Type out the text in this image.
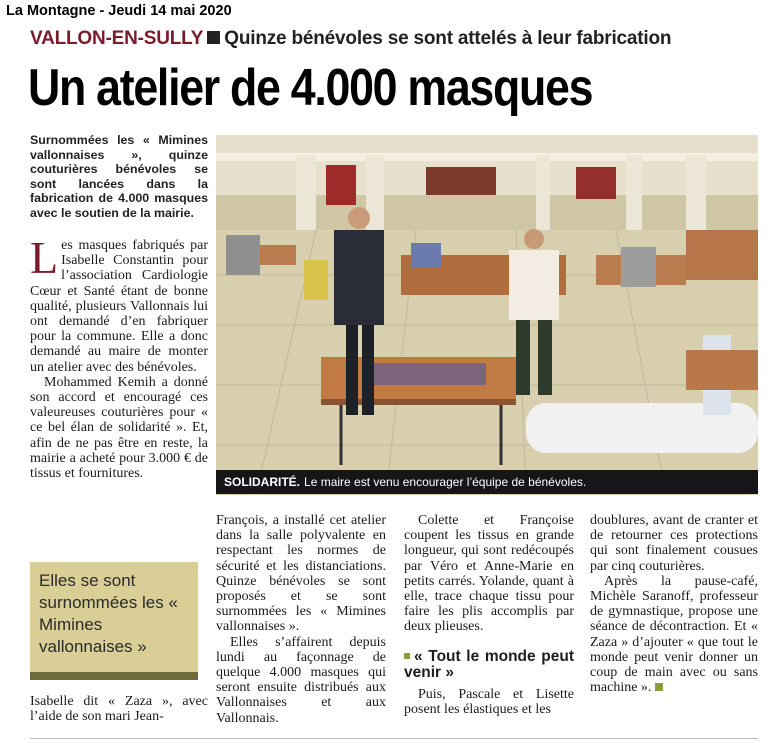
La Montagne - Jeudi 14 mai 2020
VALLON-EN-SULLY Quinze bénévoles se sont attelés à leur fabrication
Un atelier de 4.000 masques
Surnommées les « Mimines vallonnaises », quinze couturières bénévoles se sont lancées dans la fabrication de 4.000 masques avec le soutien de la mairie.

Les masques fabriqués par Isabelle Constantin pour l’association Cardiologie Cœur et Santé étant de bonne qualité, plusieurs Vallonnais lui ont demandé d’en fabriquer pour la commune. Elle a donc demandé au maire de monter un atelier avec des bénévoles.

Mohammed Kemih a donné son accord et encouragé ces valeureuses couturières pour « ce bel élan de solidarité ». Et, afin de ne pas être en reste, la mairie a acheté pour 3.000 € de tissus et fournitures.

SOLIDARITÉ. Le maire est venu encourager l’équipe de bénévoles.
Elles se sont surnommées les « Mimines vallonnaises »
Isabelle dit « Zaza », avec l’aide de son mari Jean-

François, a installé cet atelier dans la salle polyvalente en respectant les normes de sécurité et les distanciations. Quinze bénévoles se sont proposés et se sont surnommées les « Mimines vallonnaises ».

Elles s’affairent depuis lundi au façonnage de quelque 4.000 masques qui seront ensuite distribués aux Vallonnaises et aux Vallonnais.

Colette et Françoise coupent les tissus en grande longueur, qui sont redécoupés par Véro et Anne-Marie en petits carrés. Yolande, quant à elle, trace chaque tissu pour faire les plis accomplis par deux plieuses.

« Tout le monde peut venir »

Puis, Pascale et Lisette posent les élastiques et les

doublures, avant de cranter et de retourner ces protections qui sont finalement cousues par cinq couturières.

Après la pause-café, Michèle Saranoff, professeur de gymnastique, propose une séance de décontraction. Et « Zaza » d’ajouter « que tout le monde peut venir donner un coup de main avec ou sans machine ».
